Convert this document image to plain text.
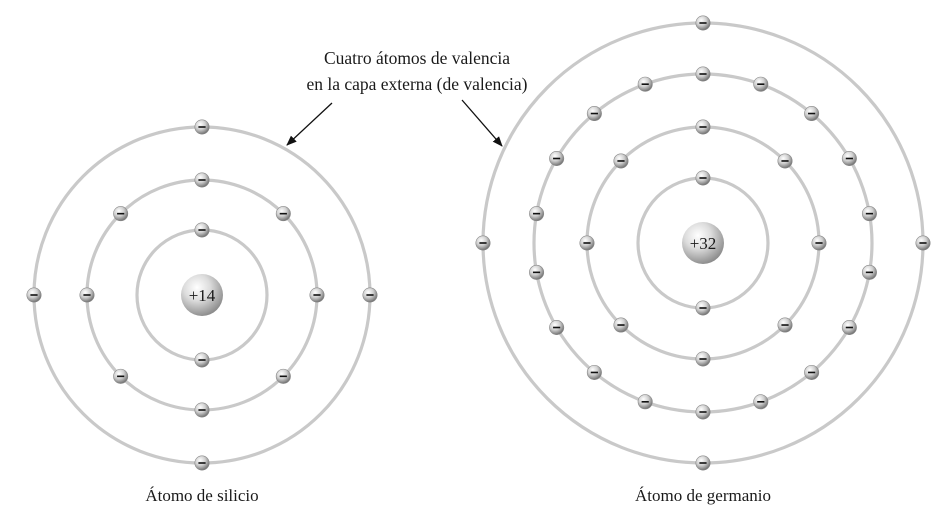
+14
Átomo de silicio
+32
Átomo de germanio
Cuatro átomos de valencia
en la capa externa (de valencia)
